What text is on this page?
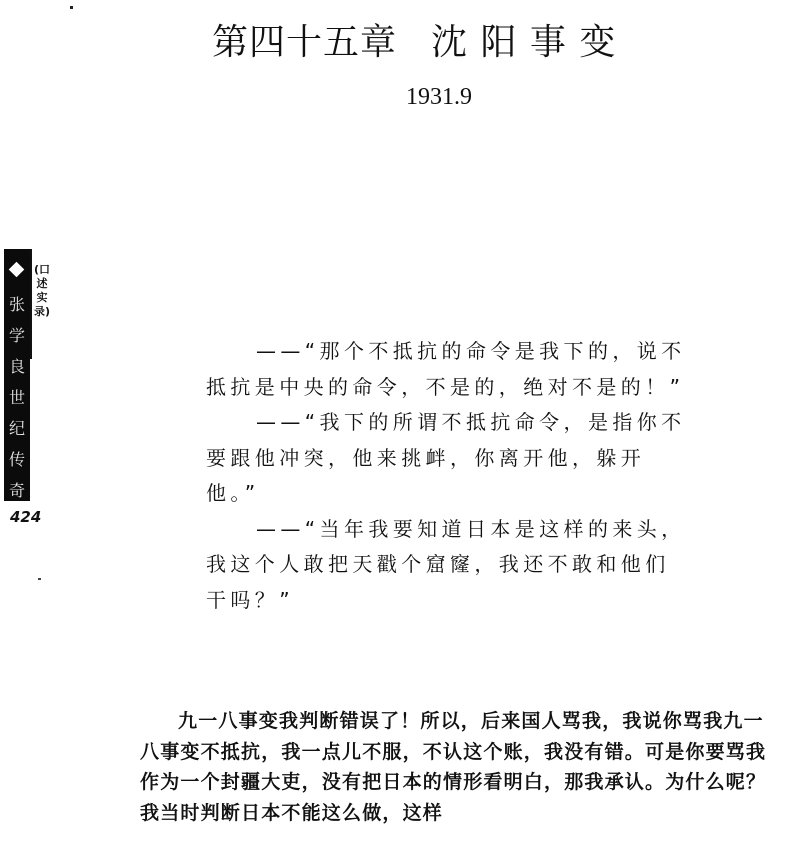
第四十五章 沈 阳 事 变
1931.9
张学良世纪传奇
(口述实录)
424

——“那个不抵抗的命令是我下的，说不抵抗是中央的命令，不是的，绝对不是的！”

——“我下的所谓不抵抗命令，是指你不要跟他冲突，他来挑衅，你离开他，躲开他。”

——“当年我要知道日本是这样的来头，我这个人敢把天戳个窟窿，我还不敢和他们干吗？”

九一八事变我判断错误了！所以，后来国人骂我，我说你骂我九一八事变不抵抗，我一点儿不服，不认这个账，我没有错。可是你要骂我作为一个封疆大吏，没有把日本的情形看明白，那我承认。为什么呢？我当时判断日本不能这么做，这样
